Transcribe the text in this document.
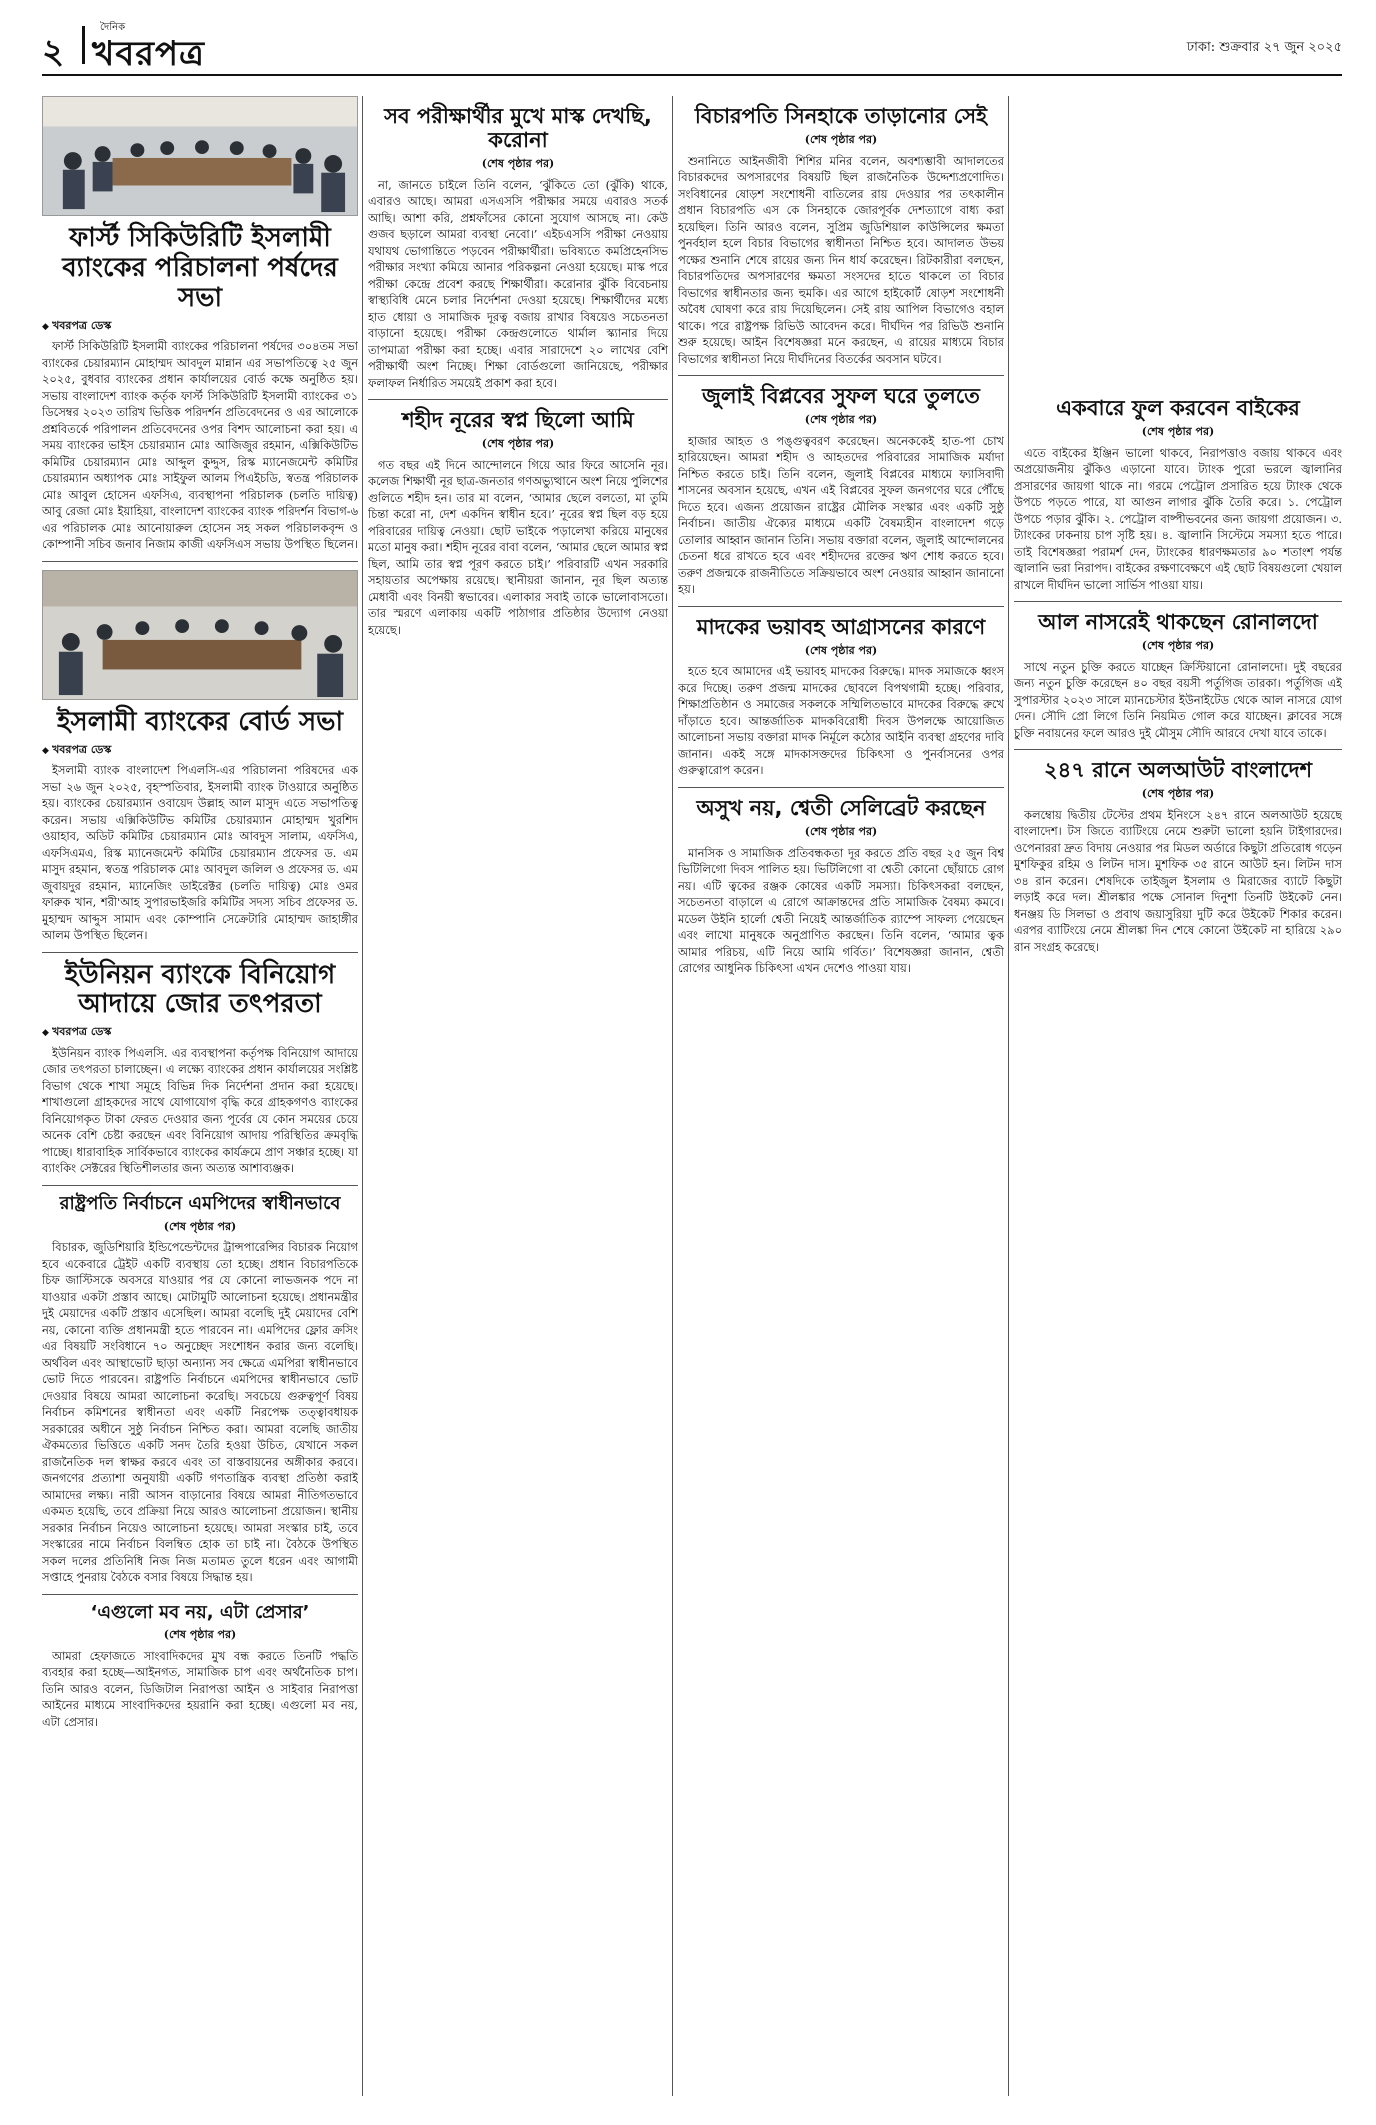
২
দৈনিক
খবরপত্র	ঢাকা: শুক্রবার ২৭ জুন ২০২৫
ফার্স্ট সিকিউরিটি ইসলামী ব্যাংকের পরিচালনা পর্ষদের সভা
◆ খবরপত্র ডেস্ক

ফার্স্ট সিকিউরিটি ইসলামী ব্যাংকের পরিচালনা পর্ষদের ৩০৪তম সভা ব্যাংকের চেয়ারম্যান মোহাম্মদ আবদুল মান্নান এর সভাপতিত্বে ২৫ জুন ২০২৫, বুধবার ব্যাংকের প্রধান কার্যালয়ের বোর্ড কক্ষে অনুষ্ঠিত হয়। সভায় বাংলাদেশ ব্যাংক কর্তৃক ফার্স্ট সিকিউরিটি ইসলামী ব্যাংকের ৩১ ডিসেম্বর ২০২৩ তারিখ ভিত্তিক পরিদর্শন প্রতিবেদনের ও এর আলোকে প্রশ্নবিতর্কে পরিপালন প্রতিবেদনের ওপর বিশদ আলোচনা করা হয়। এ সময় ব্যাংকের ভাইস চেয়ারম্যান মোঃ আজিজুর রহমান, এক্সিকিউটিভ কমিটির চেয়ারম্যান মোঃ আব্দুল কুদ্দুস, রিস্ক ম্যানেজমেন্ট কমিটির চেয়ারম্যান অধ্যাপক মোঃ সাইফুল আলম পিএইচডি, স্বতন্ত্র পরিচালক মোঃ আবুল হোসেন এফসিএ, ব্যবস্থাপনা পরিচালক (চলতি দায়িত্ব) আবু রেজা মোঃ ইয়াহিয়া, বাংলাদেশ ব্যাংকের ব্যাংক পরিদর্শন বিভাগ-৬ এর পরিচালক মোঃ আনোয়ারুল হোসেন সহ সকল পরিচালকবৃন্দ ও কোম্পানী সচিব জনাব নিজাম কাজী এফসিএস সভায় উপস্থিত ছিলেন।

ইসলামী ব্যাংকের বোর্ড সভা
◆ খবরপত্র ডেস্ক

ইসলামী ব্যাংক বাংলাদেশ পিএলসি-এর পরিচালনা পরিষদের এক সভা ২৬ জুন ২০২৫, বৃহস্পতিবার, ইসলামী ব্যাংক টাওয়ারে অনুষ্ঠিত হয়। ব্যাংকের চেয়ারম্যান ওবায়েদ উল্লাহ আল মাসুদ এতে সভাপতিত্ব করেন। সভায় এক্সিকিউটিভ কমিটির চেয়ারম্যান মোহাম্মদ খুরশিদ ওয়াহাব, অডিট কমিটির চেয়ারম্যান মোঃ আবদুস সালাম, এফসিএ, এফসিএমএ, রিস্ক ম্যানেজমেন্ট কমিটির চেয়ারম্যান প্রফেসর ড. এম মাসুদ রহমান, স্বতন্ত্র পরিচালক মোঃ আবদুল জলিল ও প্রফেসর ড. এম জুবায়দুর রহমান, ম্যানেজিং ডাইরেক্টর (চলতি দায়িত্ব) মোঃ ওমর ফারুক খান, শরী'আহ সুপারভাইজরি কমিটির সদস্য সচিব প্রফেসর ড. মুহাম্মদ আব্দুস সামাদ এবং কোম্পানি সেক্রেটারি মোহাম্মদ জাহাঙ্গীর আলম উপস্থিত ছিলেন।

ইউনিয়ন ব্যাংকে বিনিয়োগ আদায়ে জোর তৎপরতা
◆ খবরপত্র ডেস্ক

ইউনিয়ন ব্যাংক পিএলসি. এর ব্যবস্থাপনা কর্তৃপক্ষ বিনিয়োগ আদায়ে জোর তৎপরতা চালাচ্ছেন। এ লক্ষ্যে ব্যাংকের প্রধান কার্যালয়ের সংশ্লিষ্ট বিভাগ থেকে শাখা সমূহে বিভিন্ন দিক নির্দেশনা প্রদান করা হয়েছে। শাখাগুলো গ্রাহকদের সাথে যোগাযোগ বৃদ্ধি করে গ্রাহকগণও ব্যাংকের বিনিয়োগকৃত টাকা ফেরত দেওয়ার জন্য পূর্বের যে কোন সময়ের চেয়ে অনেক বেশি চেষ্টা করছেন এবং বিনিয়োগ আদায় পরিস্থিতির ক্রমবৃদ্ধি পাচ্ছে। ধারাবাহিক সার্বিকভাবে ব্যাংকের কার্যক্রমে প্রাণ সঞ্চার হচ্ছে। যা ব্যাংকিং সেক্টরের স্থিতিশীলতার জন্য অত্যন্ত আশাব্যঞ্জক।

রাষ্ট্রপতি নির্বাচনে এমপিদের স্বাধীনভাবে
(শেষ পৃষ্ঠার পর)

বিচারক, জুডিশিয়ারি ইন্ডিপেন্ডেন্টদের ট্রান্সপারেন্সির বিচারক নিয়োগ হবে একেবারে ট্রেইট একটি ব্যবস্থায় তো হচ্ছে। প্রধান বিচারপতিকে চিফ জাস্টিসকে অবসরে যাওয়ার পর যে কোনো লাভজনক পদে না যাওয়ার একটা প্রস্তাব আছে। মোটামুটি আলোচনা হয়েছে। প্রধানমন্ত্রীর দুই মেয়াদের একটি প্রস্তাব এসেছিল। আমরা বলেছি দুই মেয়াদের বেশি নয়, কোনো ব্যক্তি প্রধানমন্ত্রী হতে পারবেন না। এমপিদের ফ্লোর ক্রসিং এর বিষয়টি সংবিধানে ৭০ অনুচ্ছেদ সংশোধন করার জন্য বলেছি। অর্থবিল এবং আস্থাভোট ছাড়া অন্যান্য সব ক্ষেত্রে এমপিরা স্বাধীনভাবে ভোট দিতে পারবেন। রাষ্ট্রপতি নির্বাচনে এমপিদের স্বাধীনভাবে ভোট দেওয়ার বিষয়ে আমরা আলোচনা করেছি। সবচেয়ে গুরুত্বপূর্ণ বিষয় নির্বাচন কমিশনের স্বাধীনতা এবং একটি নিরপেক্ষ তত্ত্বাবধায়ক সরকারের অধীনে সুষ্ঠু নির্বাচন নিশ্চিত করা। আমরা বলেছি জাতীয় ঐকমত্যের ভিত্তিতে একটি সনদ তৈরি হওয়া উচিত, যেখানে সকল রাজনৈতিক দল স্বাক্ষর করবে এবং তা বাস্তবায়নের অঙ্গীকার করবে। জনগণের প্রত্যাশা অনুযায়ী একটি গণতান্ত্রিক ব্যবস্থা প্রতিষ্ঠা করাই আমাদের লক্ষ্য। নারী আসন বাড়ানোর বিষয়ে আমরা নীতিগতভাবে একমত হয়েছি, তবে প্রক্রিয়া নিয়ে আরও আলোচনা প্রয়োজন। স্থানীয় সরকার নির্বাচন নিয়েও আলোচনা হয়েছে। আমরা সংস্কার চাই, তবে সংস্কারের নামে নির্বাচন বিলম্বিত হোক তা চাই না। বৈঠকে উপস্থিত সকল দলের প্রতিনিধি নিজ নিজ মতামত তুলে ধরেন এবং আগামী সপ্তাহে পুনরায় বৈঠকে বসার বিষয়ে সিদ্ধান্ত হয়।

‘এগুলো মব নয়, এটা প্রেসার’
(শেষ পৃষ্ঠার পর)

আমরা হেফাজতে সাংবাদিকদের মুখ বন্ধ করতে তিনটি পদ্ধতি ব্যবহার করা হচ্ছে—আইনগত, সামাজিক চাপ এবং অর্থনৈতিক চাপ। তিনি আরও বলেন, ডিজিটাল নিরাপত্তা আইন ও সাইবার নিরাপত্তা আইনের মাধ্যমে সাংবাদিকদের হয়রানি করা হচ্ছে। এগুলো মব নয়, এটা প্রেসার।

সব পরীক্ষার্থীর মুখে মাস্ক দেখছি, করোনা
(শেষ পৃষ্ঠার পর)

না, জানতে চাইলে তিনি বলেন, ‘ঝুঁকিতে তো (ঝুঁকি) থাকে, এবারও আছে। আমরা এসএসসি পরীক্ষার সময়ে এবারও সতর্ক আছি। আশা করি, প্রশ্নফাঁসের কোনো সুযোগ আসছে না। কেউ গুজব ছড়ালে আমরা ব্যবস্থা নেবো।’ এইচএসসি পরীক্ষা নেওয়ায় যথাযথ ভোগান্তিতে পড়বেন পরীক্ষার্থীরা। ভবিষ্যতে কমপ্রিহেনসিভ পরীক্ষার সংখ্যা কমিয়ে আনার পরিকল্পনা নেওয়া হয়েছে। মাস্ক পরে পরীক্ষা কেন্দ্রে প্রবেশ করছে শিক্ষার্থীরা। করোনার ঝুঁকি বিবেচনায় স্বাস্থ্যবিধি মেনে চলার নির্দেশনা দেওয়া হয়েছে। শিক্ষার্থীদের মধ্যে হাত ধোয়া ও সামাজিক দূরত্ব বজায় রাখার বিষয়েও সচেতনতা বাড়ানো হয়েছে। পরীক্ষা কেন্দ্রগুলোতে থার্মাল স্ক্যানার দিয়ে তাপমাত্রা পরীক্ষা করা হচ্ছে। এবার সারাদেশে ২০ লাখের বেশি পরীক্ষার্থী অংশ নিচ্ছে। শিক্ষা বোর্ডগুলো জানিয়েছে, পরীক্ষার ফলাফল নির্ধারিত সময়েই প্রকাশ করা হবে।

শহীদ নূরের স্বপ্ন ছিলো আমি
(শেষ পৃষ্ঠার পর)

গত বছর এই দিনে আন্দোলনে গিয়ে আর ফিরে আসেনি নূর। কলেজ শিক্ষার্থী নূর ছাত্র-জনতার গণঅভ্যুত্থানে অংশ নিয়ে পুলিশের গুলিতে শহীদ হন। তার মা বলেন, ‘আমার ছেলে বলতো, মা তুমি চিন্তা করো না, দেশ একদিন স্বাধীন হবে।’ নূরের স্বপ্ন ছিল বড় হয়ে পরিবারের দায়িত্ব নেওয়া। ছোট ভাইকে পড়ালেখা করিয়ে মানুষের মতো মানুষ করা। শহীদ নূরের বাবা বলেন, ‘আমার ছেলে আমার স্বপ্ন ছিল, আমি তার স্বপ্ন পূরণ করতে চাই।’ পরিবারটি এখন সরকারি সহায়তার অপেক্ষায় রয়েছে। স্থানীয়রা জানান, নূর ছিল অত্যন্ত মেধাবী এবং বিনয়ী স্বভাবের। এলাকার সবাই তাকে ভালোবাসতো। তার স্মরণে এলাকায় একটি পাঠাগার প্রতিষ্ঠার উদ্যোগ নেওয়া হয়েছে।

বিচারপতি সিনহাকে তাড়ানোর সেই
(শেষ পৃষ্ঠার পর)

শুনানিতে আইনজীবী শিশির মনির বলেন, অবশ্যম্ভাবী আদালতের বিচারকদের অপসারণের বিষয়টি ছিল রাজনৈতিক উদ্দেশ্যপ্রণোদিত। সংবিধানের ষোড়শ সংশোধনী বাতিলের রায় দেওয়ার পর তৎকালীন প্রধান বিচারপতি এস কে সিনহাকে জোরপূর্বক দেশত্যাগে বাধ্য করা হয়েছিল। তিনি আরও বলেন, সুপ্রিম জুডিশিয়াল কাউন্সিলের ক্ষমতা পুনর্বহাল হলে বিচার বিভাগের স্বাধীনতা নিশ্চিত হবে। আদালত উভয় পক্ষের শুনানি শেষে রায়ের জন্য দিন ধার্য করেছেন। রিটকারীরা বলছেন, বিচারপতিদের অপসারণের ক্ষমতা সংসদের হাতে থাকলে তা বিচার বিভাগের স্বাধীনতার জন্য হুমকি। এর আগে হাইকোর্ট ষোড়শ সংশোধনী অবৈধ ঘোষণা করে রায় দিয়েছিলেন। সেই রায় আপিল বিভাগেও বহাল থাকে। পরে রাষ্ট্রপক্ষ রিভিউ আবেদন করে। দীর্ঘদিন পর রিভিউ শুনানি শুরু হয়েছে। আইন বিশেষজ্ঞরা মনে করছেন, এ রায়ের মাধ্যমে বিচার বিভাগের স্বাধীনতা নিয়ে দীর্ঘদিনের বিতর্কের অবসান ঘটবে।

জুলাই বিপ্লবের সুফল ঘরে তুলতে
(শেষ পৃষ্ঠার পর)

হাজার আহত ও পঙ্গুত্ববরণ করেছেন। অনেককেই হাত-পা চোখ হারিয়েছেন। আমরা শহীদ ও আহতদের পরিবারের সামাজিক মর্যাদা নিশ্চিত করতে চাই। তিনি বলেন, জুলাই বিপ্লবের মাধ্যমে ফ্যাসিবাদী শাসনের অবসান হয়েছে, এখন এই বিপ্লবের সুফল জনগণের ঘরে পৌঁছে দিতে হবে। এজন্য প্রয়োজন রাষ্ট্রের মৌলিক সংস্কার এবং একটি সুষ্ঠু নির্বাচন। জাতীয় ঐক্যের মাধ্যমে একটি বৈষম্যহীন বাংলাদেশ গড়ে তোলার আহ্বান জানান তিনি। সভায় বক্তারা বলেন, জুলাই আন্দোলনের চেতনা ধরে রাখতে হবে এবং শহীদদের রক্তের ঋণ শোধ করতে হবে। তরুণ প্রজন্মকে রাজনীতিতে সক্রিয়ভাবে অংশ নেওয়ার আহ্বান জানানো হয়।

মাদকের ভয়াবহ আগ্রাসনের কারণে
(শেষ পৃষ্ঠার পর)

হতে হবে আমাদের এই ভয়াবহ মাদকের বিরুদ্ধে। মাদক সমাজকে ধ্বংস করে দিচ্ছে। তরুণ প্রজন্ম মাদকের ছোবলে বিপথগামী হচ্ছে। পরিবার, শিক্ষাপ্রতিষ্ঠান ও সমাজের সকলকে সম্মিলিতভাবে মাদকের বিরুদ্ধে রুখে দাঁড়াতে হবে। আন্তর্জাতিক মাদকবিরোধী দিবস উপলক্ষে আয়োজিত আলোচনা সভায় বক্তারা মাদক নির্মূলে কঠোর আইনি ব্যবস্থা গ্রহণের দাবি জানান। একই সঙ্গে মাদকাসক্তদের চিকিৎসা ও পুনর্বাসনের ওপর গুরুত্বারোপ করেন।

অসুখ নয়, শ্বেতী সেলিব্রেট করছেন
(শেষ পৃষ্ঠার পর)

মানসিক ও সামাজিক প্রতিবন্ধকতা দূর করতে প্রতি বছর ২৫ জুন বিশ্ব ভিটিলিগো দিবস পালিত হয়। ভিটিলিগো বা শ্বেতী কোনো ছোঁয়াচে রোগ নয়। এটি ত্বকের রঞ্জক কোষের একটি সমস্যা। চিকিৎসকরা বলছেন, সচেতনতা বাড়ালে এ রোগে আক্রান্তদের প্রতি সামাজিক বৈষম্য কমবে। মডেল উইনি হার্লো শ্বেতী নিয়েই আন্তর্জাতিক র‍্যাম্পে সাফল্য পেয়েছেন এবং লাখো মানুষকে অনুপ্রাণিত করছেন। তিনি বলেন, ‘আমার ত্বক আমার পরিচয়, এটি নিয়ে আমি গর্বিত।’ বিশেষজ্ঞরা জানান, শ্বেতী রোগের আধুনিক চিকিৎসা এখন দেশেও পাওয়া যায়।

একবারে ফুল করবেন বাইকের
(শেষ পৃষ্ঠার পর)

এতে বাইকের ইঞ্জিন ভালো থাকবে, নিরাপত্তাও বজায় থাকবে এবং অপ্রয়োজনীয় ঝুঁকিও এড়ানো যাবে। ট্যাংক পুরো ভরলে জ্বালানির প্রসারণের জায়গা থাকে না। গরমে পেট্রোল প্রসারিত হয়ে ট্যাংক থেকে উপচে পড়তে পারে, যা আগুন লাগার ঝুঁকি তৈরি করে। ১. পেট্রোল উপচে পড়ার ঝুঁকি। ২. পেট্রোল বাষ্পীভবনের জন্য জায়গা প্রয়োজন। ৩. ট্যাংকের ঢাকনায় চাপ সৃষ্টি হয়। ৪. জ্বালানি সিস্টেমে সমস্যা হতে পারে। তাই বিশেষজ্ঞরা পরামর্শ দেন, ট্যাংকের ধারণক্ষমতার ৯০ শতাংশ পর্যন্ত জ্বালানি ভরা নিরাপদ। বাইকের রক্ষণাবেক্ষণে এই ছোট বিষয়গুলো খেয়াল রাখলে দীর্ঘদিন ভালো সার্ভিস পাওয়া যায়।

আল নাসরেই থাকছেন রোনালদো
(শেষ পৃষ্ঠার পর)

সাথে নতুন চুক্তি করতে যাচ্ছেন ক্রিস্টিয়ানো রোনালদো। দুই বছরের জন্য নতুন চুক্তি করেছেন ৪০ বছর বয়সী পর্তুগিজ তারকা। পর্তুগিজ এই সুপারস্টার ২০২৩ সালে ম্যানচেস্টার ইউনাইটেড থেকে আল নাসরে যোগ দেন। সৌদি প্রো লিগে তিনি নিয়মিত গোল করে যাচ্ছেন। ক্লাবের সঙ্গে চুক্তি নবায়নের ফলে আরও দুই মৌসুম সৌদি আরবে দেখা যাবে তাকে।

২৪৭ রানে অলআউট বাংলাদেশ
(শেষ পৃষ্ঠার পর)

কলম্বোয় দ্বিতীয় টেস্টের প্রথম ইনিংসে ২৪৭ রানে অলআউট হয়েছে বাংলাদেশ। টস জিতে ব্যাটিংয়ে নেমে শুরুটা ভালো হয়নি টাইগারদের। ওপেনাররা দ্রুত বিদায় নেওয়ার পর মিডল অর্ডারে কিছুটা প্রতিরোধ গড়েন মুশফিকুর রহিম ও লিটন দাস। মুশফিক ৩৫ রানে আউট হন। লিটন দাস ৩৪ রান করেন। শেষদিকে তাইজুল ইসলাম ও মিরাজের ব্যাটে কিছুটা লড়াই করে দল। শ্রীলঙ্কার পক্ষে সোনাল দিনুশা তিনটি উইকেট নেন। ধনঞ্জয় ডি সিলভা ও প্রবাথ জয়াসুরিয়া দুটি করে উইকেট শিকার করেন। এরপর ব্যাটিংয়ে নেমে শ্রীলঙ্কা দিন শেষে কোনো উইকেট না হারিয়ে ২৯০ রান সংগ্রহ করেছে।
